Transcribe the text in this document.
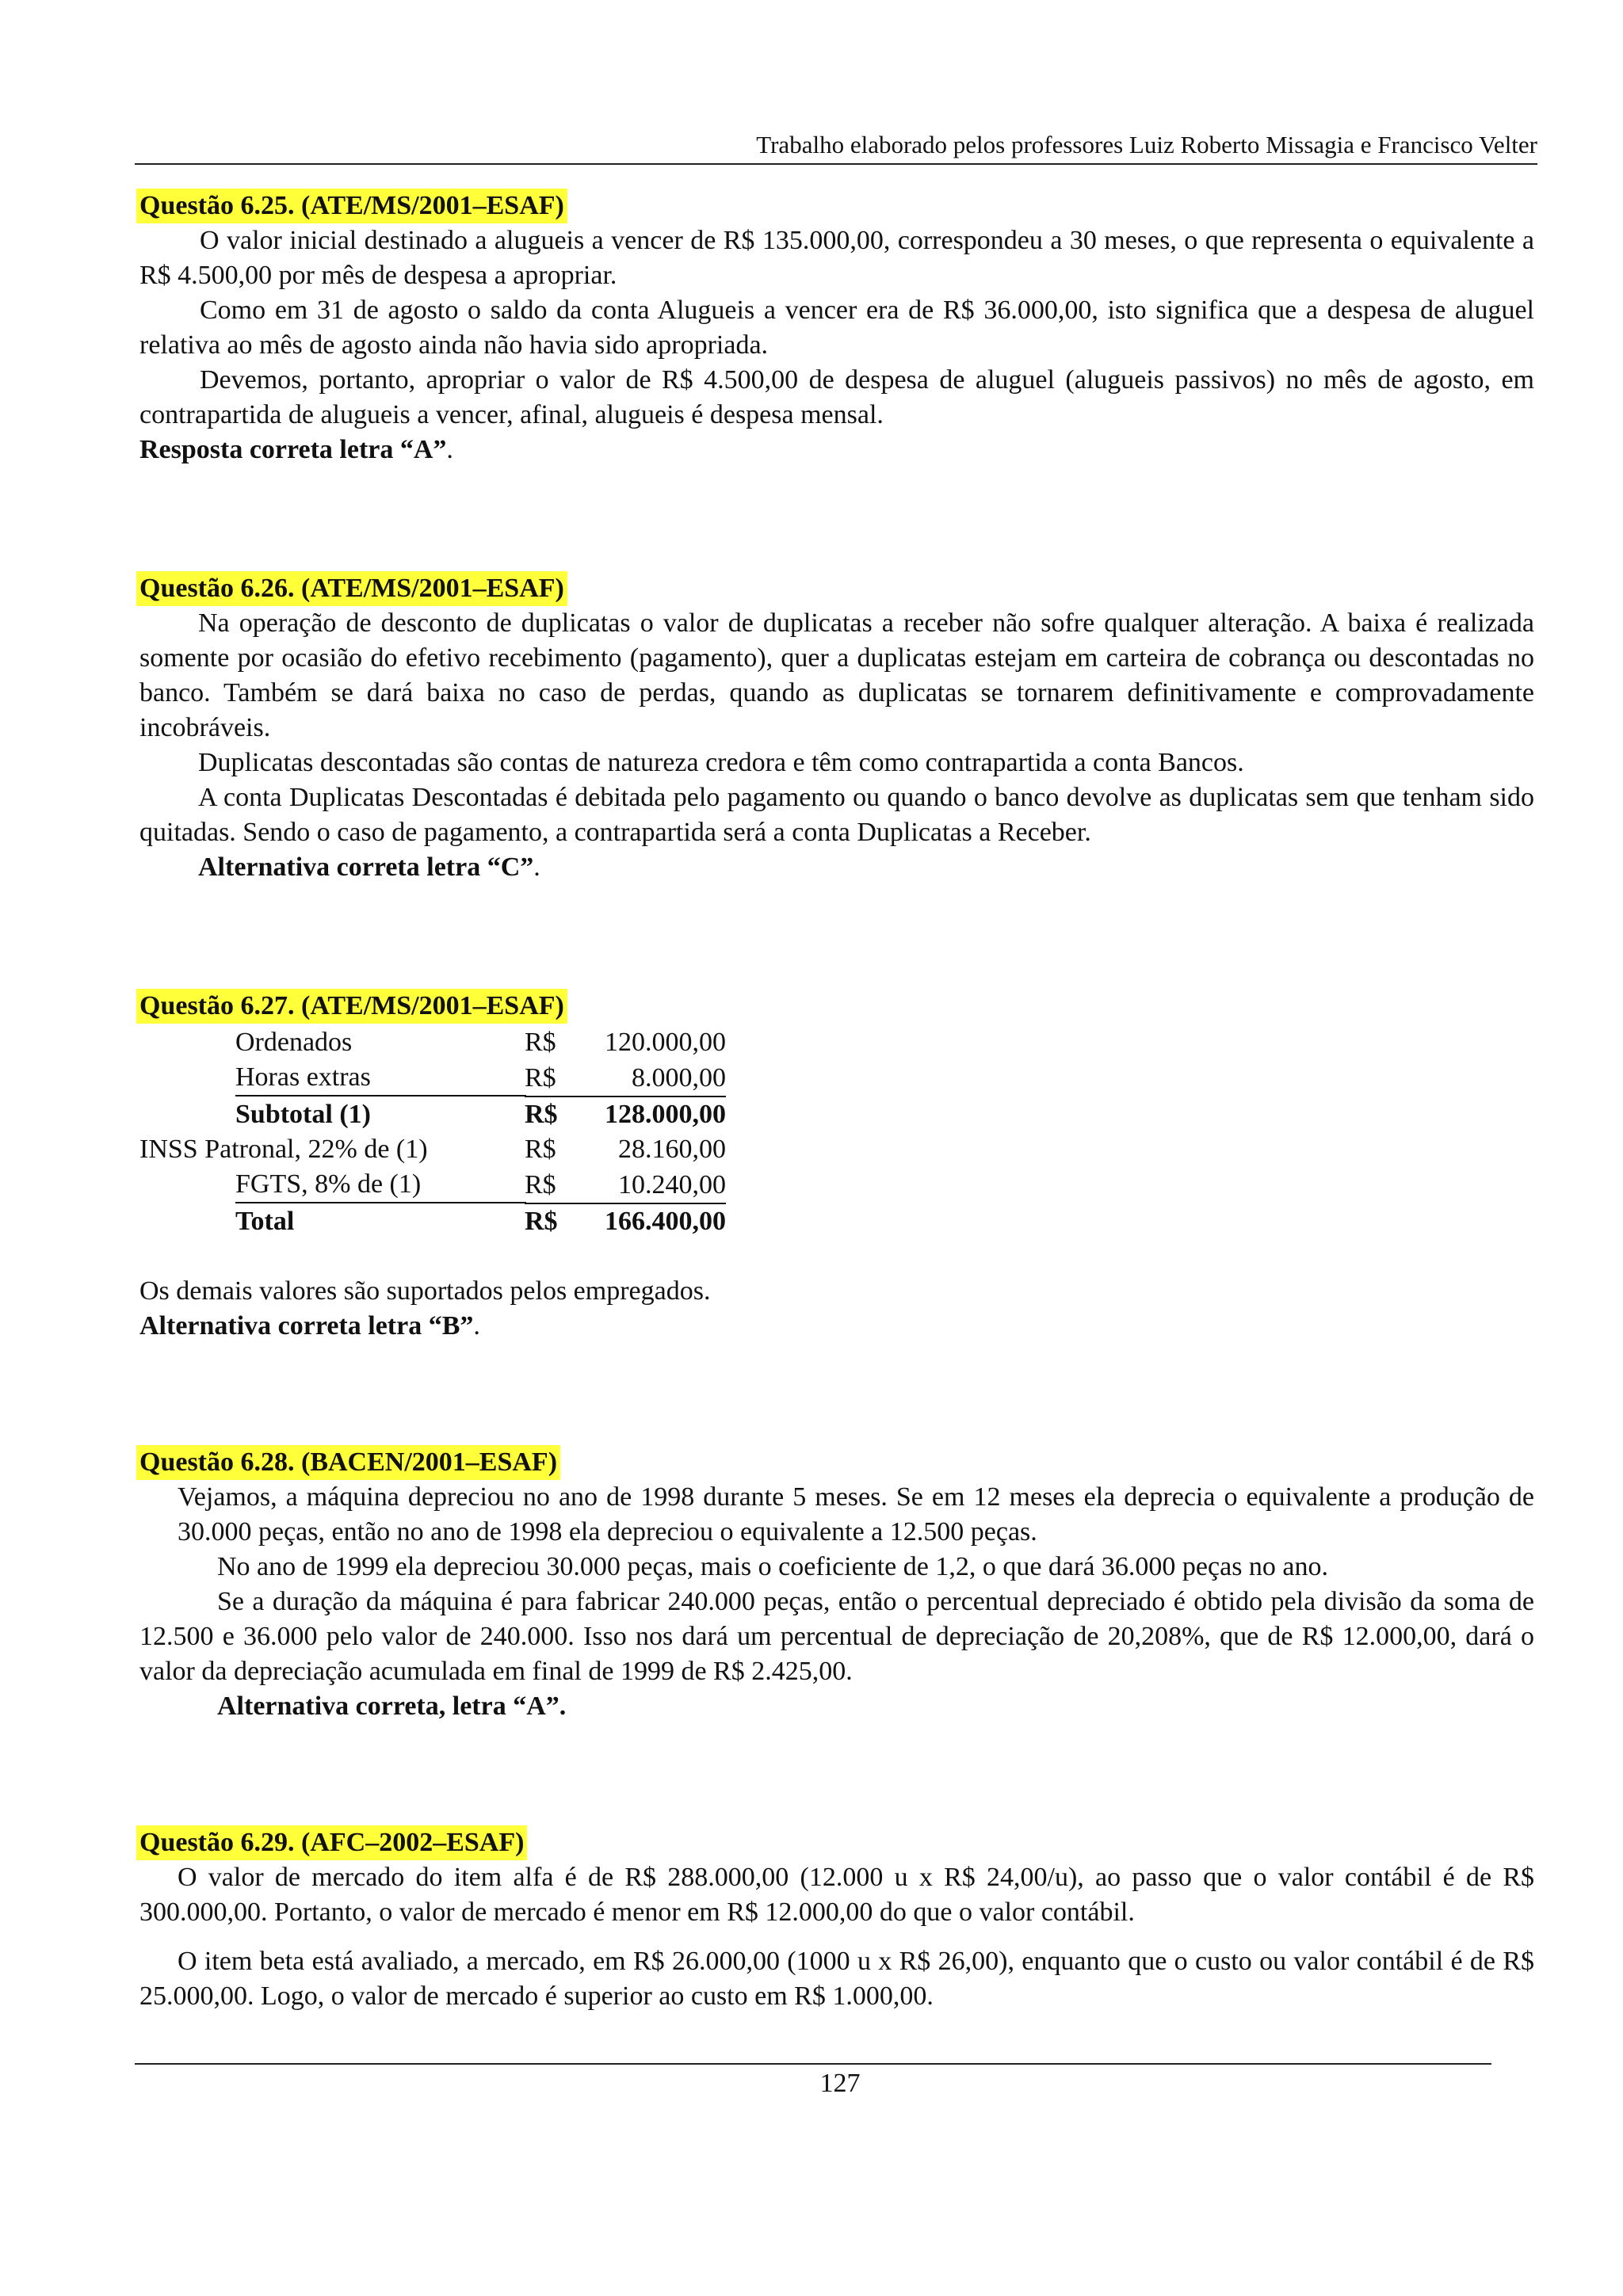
Trabalho elaborado pelos professores Luiz Roberto Missagia e Francisco Velter
Questão 6.25. (ATE/MS/2001–ESAF)

O valor inicial destinado a alugueis a vencer de R$ 135.000,00, correspondeu a 30 meses, o que representa o equivalente a R$ 4.500,00 por mês de despesa a apropriar.

Como em 31 de agosto o saldo da conta Alugueis a vencer era de R$ 36.000,00, isto significa que a despesa de aluguel relativa ao mês de agosto ainda não havia sido apropriada.

Devemos, portanto, apropriar o valor de R$ 4.500,00 de despesa de aluguel (alugueis passivos) no mês de agosto, em contrapartida de alugueis a vencer, afinal, alugueis é despesa mensal.

Resposta correta letra “A”.

Questão 6.26. (ATE/MS/2001–ESAF)

Na operação de desconto de duplicatas o valor de duplicatas a receber não sofre qualquer alteração. A baixa é realizada somente por ocasião do efetivo recebimento (pagamento), quer a duplicatas estejam em carteira de cobrança ou descontadas no banco. Também se dará baixa no caso de perdas, quando as duplicatas se tornarem definitivamente e comprovadamente incobráveis.

Duplicatas descontadas são contas de natureza credora e têm como contrapartida a conta Bancos.

A conta Duplicatas Descontadas é debitada pelo pagamento ou quando o banco devolve as duplicatas sem que tenham sido quitadas. Sendo o caso de pagamento, a contrapartida será a conta Duplicatas a Receber.

Alternativa correta letra “C”.

Questão 6.27. (ATE/MS/2001–ESAF)
Ordenados	R$	120.000,00

Horas extras	R$	8.000,00
Subtotal (1)	R$	128.000,00
INSS Patronal, 22% de (1)	R$	28.160,00

FGTS, 8% de (1)	R$	10.240,00
Total	R$	166.400,00

Os demais valores são suportados pelos empregados.

Alternativa correta letra “B”.

Questão 6.28. (BACEN/2001–ESAF)

Vejamos, a máquina depreciou no ano de 1998 durante 5 meses. Se em 12 meses ela deprecia o equivalente a produção de 30.000 peças, então no ano de 1998 ela depreciou o equivalente a 12.500 peças.

No ano de 1999 ela depreciou 30.000 peças, mais o coeficiente de 1,2, o que dará 36.000 peças no ano.

Se a duração da máquina é para fabricar 240.000 peças, então o percentual depreciado é obtido pela divisão da soma de 12.500 e 36.000 pelo valor de 240.000. Isso nos dará um percentual de depreciação de 20,208%, que de R$ 12.000,00, dará o valor da depreciação acumulada em final de 1999 de R$ 2.425,00.

Alternativa correta, letra “A”.

Questão 6.29. (AFC–2002–ESAF)

O valor de mercado do item alfa é de R$ 288.000,00 (12.000 u x R$ 24,00/u), ao passo que o valor contábil é de R$ 300.000,00. Portanto, o valor de mercado é menor em R$ 12.000,00 do que o valor contábil.

O item beta está avaliado, a mercado, em R$ 26.000,00 (1000 u x R$ 26,00), enquanto que o custo ou valor contábil é de R$ 25.000,00. Logo, o valor de mercado é superior ao custo em R$ 1.000,00.

127
